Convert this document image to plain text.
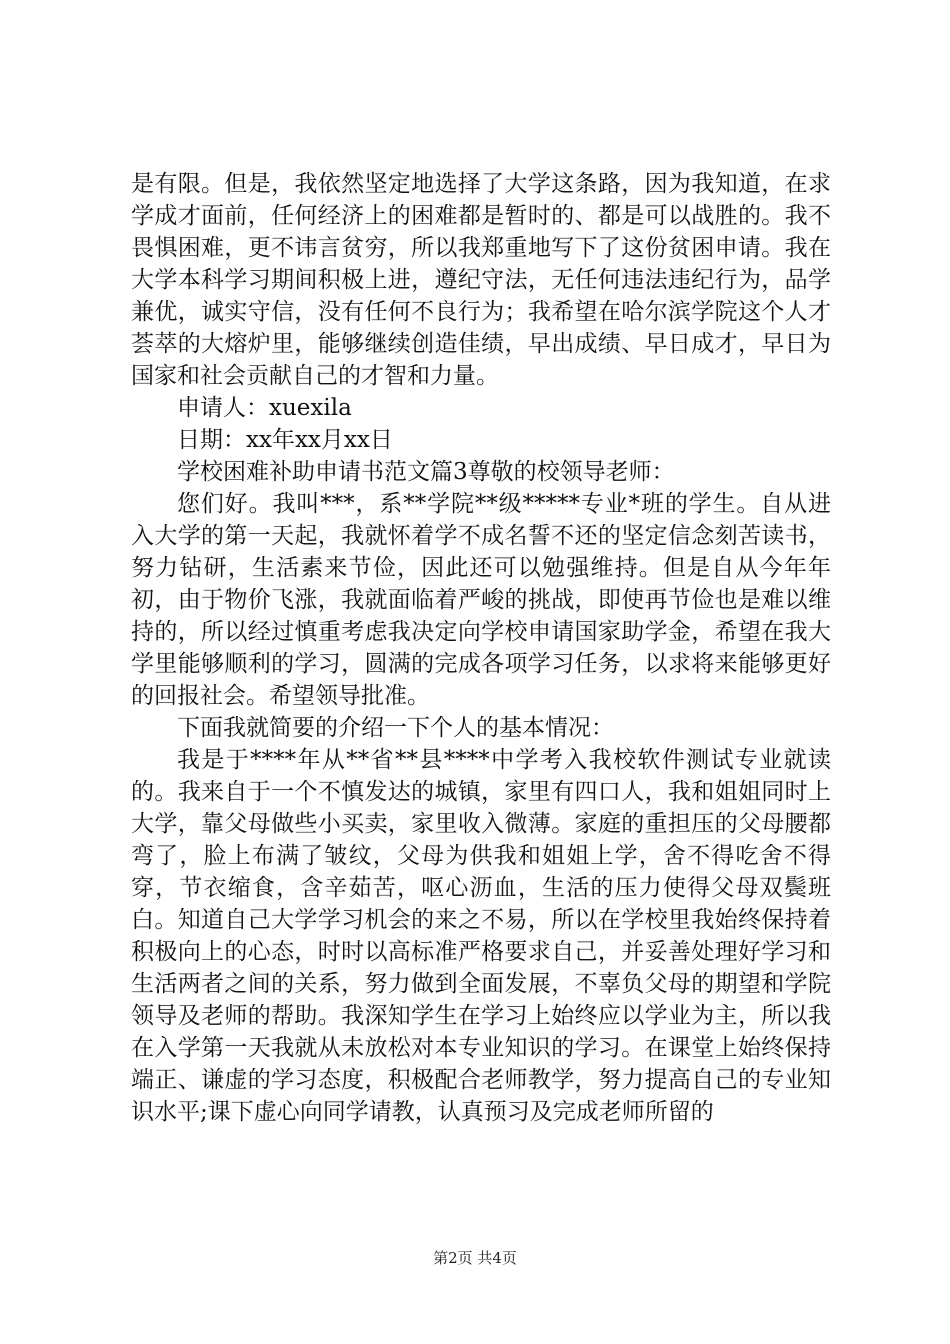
是有限。但是，我依然坚定地选择了大学这条路，因为我知道，在求学成才面前，任何经济上的困难都是暂时的、都是可以战胜的。我不畏惧困难，更不讳言贫穷，所以我郑重地写下了这份贫困申请。我在大学本科学习期间积极上进，遵纪守法，无任何违法违纪行为，品学兼优，诚实守信，没有任何不良行为；我希望在哈尔滨学院这个人才荟萃的大熔炉里，能够继续创造佳绩，早出成绩、早日成才，早日为国家和社会贡献自己的才智和力量。

申请人：xuexila

日期：xx年xx月xx日

学校困难补助申请书范文篇3尊敬的校领导老师：

您们好。我叫***，系**学院**级*****专业*班的学生。自从进入大学的第一天起，我就怀着学不成名誓不还的坚定信念刻苦读书，努力钻研，生活素来节俭，因此还可以勉强维持。但是自从今年年初，由于物价飞涨，我就面临着严峻的挑战，即使再节俭也是难以维持的，所以经过慎重考虑我决定向学校申请国家助学金，希望在我大学里能够顺利的学习，圆满的完成各项学习任务，以求将来能够更好的回报社会。希望领导批准。

下面我就简要的介绍一下个人的基本情况：

我是于****年从**省**县****中学考入我校软件测试专业就读的。我来自于一个不慎发达的城镇，家里有四口人，我和姐姐同时上大学，靠父母做些小买卖，家里收入微薄。家庭的重担压的父母腰都弯了，脸上布满了皱纹，父母为供我和姐姐上学，舍不得吃舍不得穿，节衣缩食，含辛茹苦，呕心沥血，生活的压力使得父母双鬓班白。知道自己大学学习机会的来之不易，所以在学校里我始终保持着积极向上的心态，时时以高标准严格要求自己，并妥善处理好学习和生活两者之间的关系，努力做到全面发展，不辜负父母的期望和学院领导及老师的帮助。我深知学生在学习上始终应以学业为主，所以我在入学第一天我就从未放松对本专业知识的学习。在课堂上始终保持端正、谦虚的学习态度，积极配合老师教学，努力提高自己的专业知识水平;课下虚心向同学请教，认真预习及完成老师所留的

第2页 共4页
